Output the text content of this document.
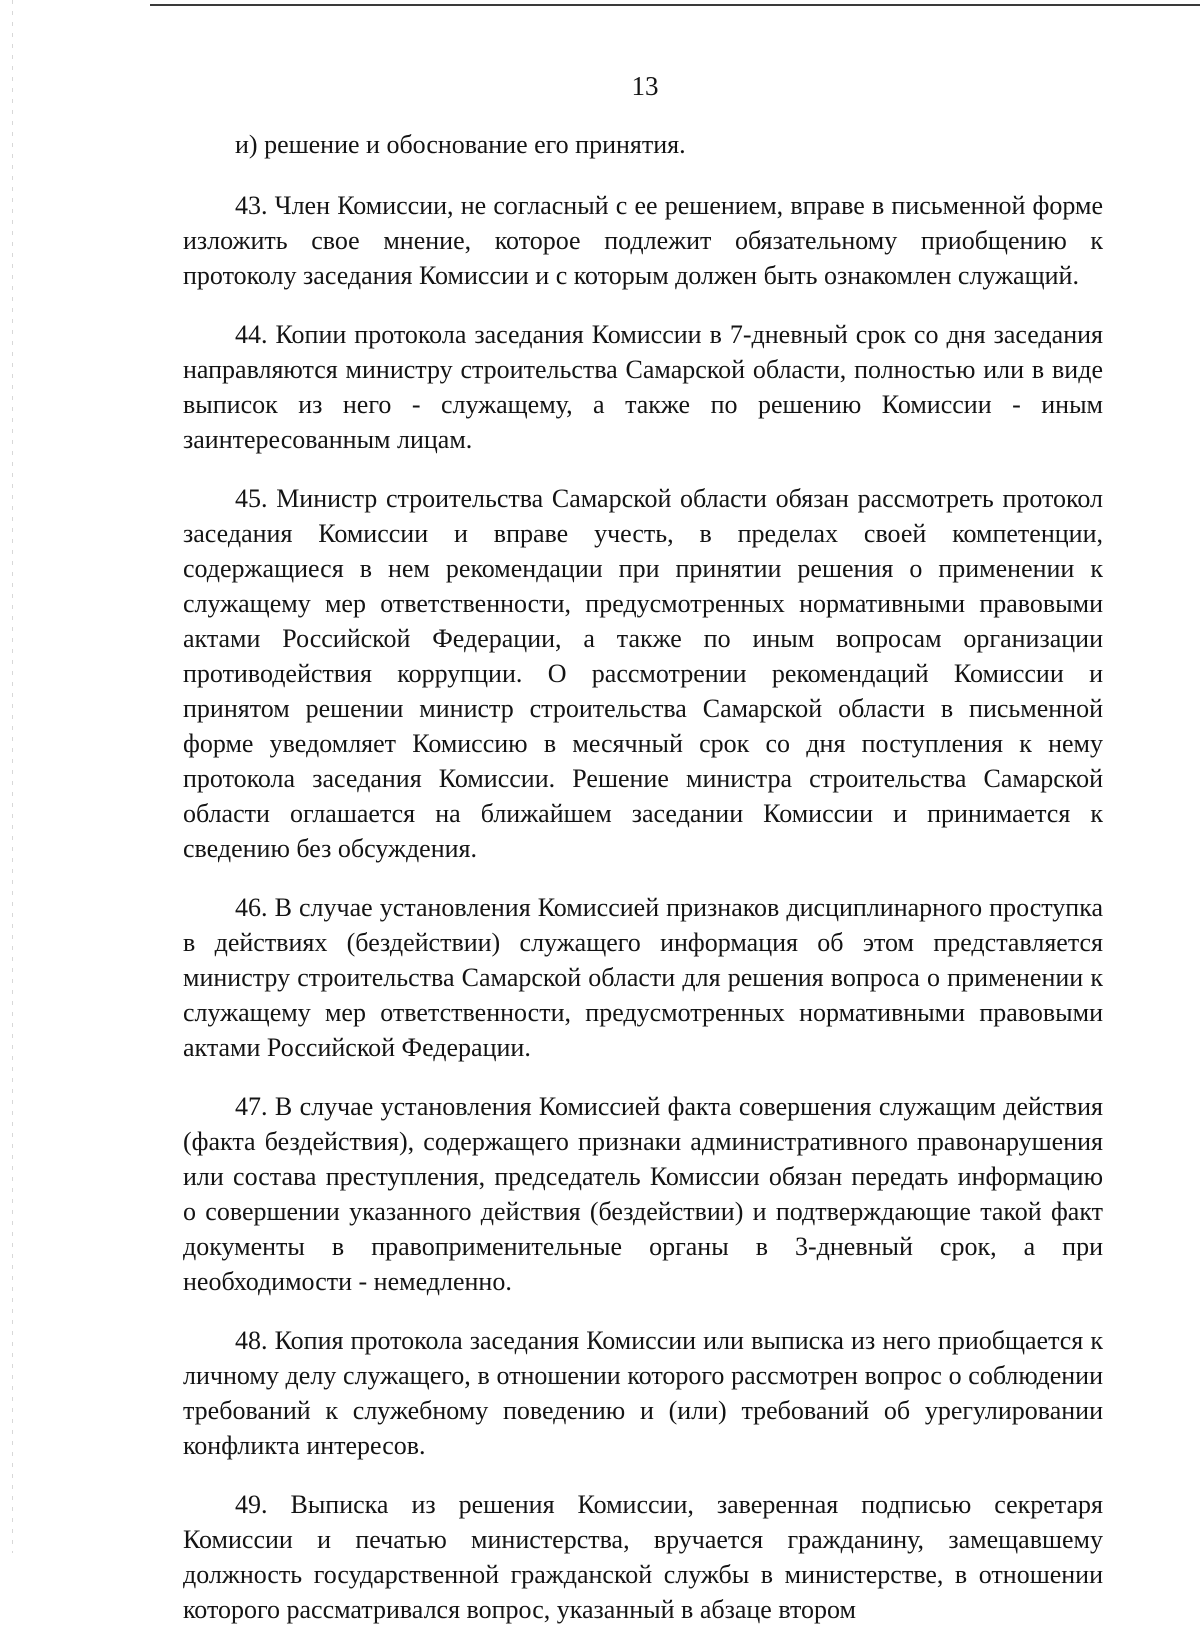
13

и) решение и обоснование его принятия.

43. Член Комиссии, не согласный с ее решением, вправе в письменной форме изложить свое мнение, которое подлежит обязательному приобщению к протоколу заседания Комиссии и с которым должен быть ознакомлен служащий.

44. Копии протокола заседания Комиссии в 7-дневный срок со дня заседания направляются министру строительства Самарской области, полностью или в виде выписок из него - служащему, а также по решению Комиссии - иным заинтересованным лицам.

45. Министр строительства Самарской области обязан рассмотреть протокол заседания Комиссии и вправе учесть, в пределах своей компетенции, содержащиеся в нем рекомендации при принятии решения о применении к служащему мер ответственности, предусмотренных нормативными правовыми актами Российской Федерации, а также по иным вопросам организации противодействия коррупции. О рассмотрении рекомендаций Комиссии и принятом решении министр строительства Самарской области в письменной форме уведомляет Комиссию в месячный срок со дня поступления к нему протокола заседания Комиссии. Решение министра строительства Самарской области оглашается на ближайшем заседании Комиссии и принимается к сведению без обсуждения.

46. В случае установления Комиссией признаков дисциплинарного проступка в действиях (бездействии) служащего информация об этом представляется министру строительства Самарской области для решения вопроса о применении к служащему мер ответственности, предусмотренных нормативными правовыми актами Российской Федерации.

47. В случае установления Комиссией факта совершения служащим действия (факта бездействия), содержащего признаки административного правонарушения или состава преступления, председатель Комиссии обязан передать информацию о совершении указанного действия (бездействии) и подтверждающие такой факт документы в правоприменительные органы в 3-дневный срок, а при необходимости - немедленно.

48. Копия протокола заседания Комиссии или выписка из него приобщается к личному делу служащего, в отношении которого рассмотрен вопрос о соблюдении требований к служебному поведению и (или) требований об урегулировании конфликта интересов.

49. Выписка из решения Комиссии, заверенная подписью секретаря Комиссии и печатью министерства, вручается гражданину, замещавшему должность государственной гражданской службы в министерстве, в отношении которого рассматривался вопрос, указанный в абзаце втором
